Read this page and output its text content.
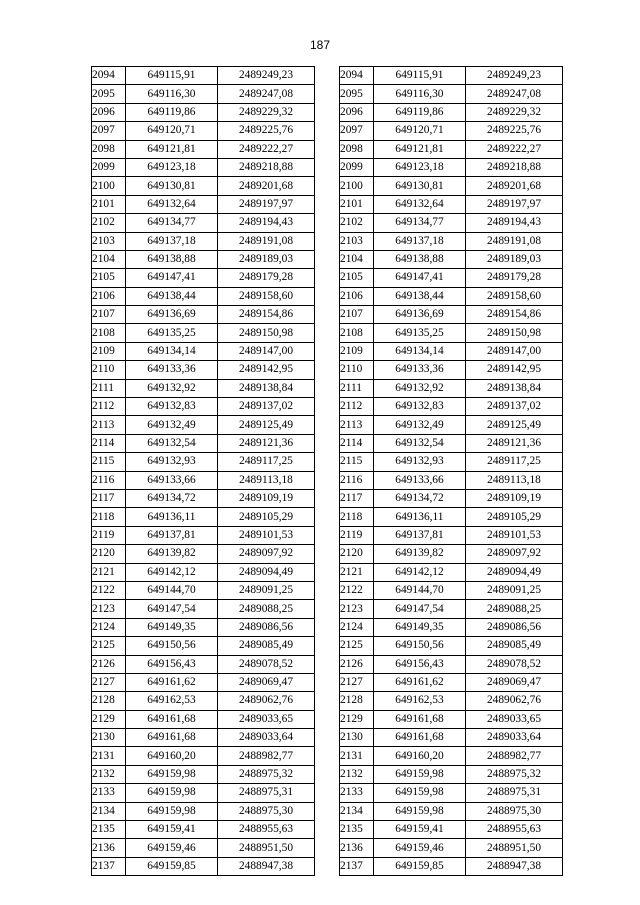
187
2094	649115,91	2489249,23
2095	649116,30	2489247,08
2096	649119,86	2489229,32
2097	649120,71	2489225,76
2098	649121,81	2489222,27
2099	649123,18	2489218,88
2100	649130,81	2489201,68
2101	649132,64	2489197,97
2102	649134,77	2489194,43
2103	649137,18	2489191,08
2104	649138,88	2489189,03
2105	649147,41	2489179,28
2106	649138,44	2489158,60
2107	649136,69	2489154,86
2108	649135,25	2489150,98
2109	649134,14	2489147,00
2110	649133,36	2489142,95
2111	649132,92	2489138,84
2112	649132,83	2489137,02
2113	649132,49	2489125,49
2114	649132,54	2489121,36
2115	649132,93	2489117,25
2116	649133,66	2489113,18
2117	649134,72	2489109,19
2118	649136,11	2489105,29
2119	649137,81	2489101,53
2120	649139,82	2489097,92
2121	649142,12	2489094,49
2122	649144,70	2489091,25
2123	649147,54	2489088,25
2124	649149,35	2489086,56
2125	649150,56	2489085,49
2126	649156,43	2489078,52
2127	649161,62	2489069,47
2128	649162,53	2489062,76
2129	649161,68	2489033,65
2130	649161,68	2489033,64
2131	649160,20	2488982,77
2132	649159,98	2488975,32
2133	649159,98	2488975,31
2134	649159,98	2488975,30
2135	649159,41	2488955,63
2136	649159,46	2488951,50
2137	649159,85	2488947,38
2094	649115,91	2489249,23
2095	649116,30	2489247,08
2096	649119,86	2489229,32
2097	649120,71	2489225,76
2098	649121,81	2489222,27
2099	649123,18	2489218,88
2100	649130,81	2489201,68
2101	649132,64	2489197,97
2102	649134,77	2489194,43
2103	649137,18	2489191,08
2104	649138,88	2489189,03
2105	649147,41	2489179,28
2106	649138,44	2489158,60
2107	649136,69	2489154,86
2108	649135,25	2489150,98
2109	649134,14	2489147,00
2110	649133,36	2489142,95
2111	649132,92	2489138,84
2112	649132,83	2489137,02
2113	649132,49	2489125,49
2114	649132,54	2489121,36
2115	649132,93	2489117,25
2116	649133,66	2489113,18
2117	649134,72	2489109,19
2118	649136,11	2489105,29
2119	649137,81	2489101,53
2120	649139,82	2489097,92
2121	649142,12	2489094,49
2122	649144,70	2489091,25
2123	649147,54	2489088,25
2124	649149,35	2489086,56
2125	649150,56	2489085,49
2126	649156,43	2489078,52
2127	649161,62	2489069,47
2128	649162,53	2489062,76
2129	649161,68	2489033,65
2130	649161,68	2489033,64
2131	649160,20	2488982,77
2132	649159,98	2488975,32
2133	649159,98	2488975,31
2134	649159,98	2488975,30
2135	649159,41	2488955,63
2136	649159,46	2488951,50
2137	649159,85	2488947,38
